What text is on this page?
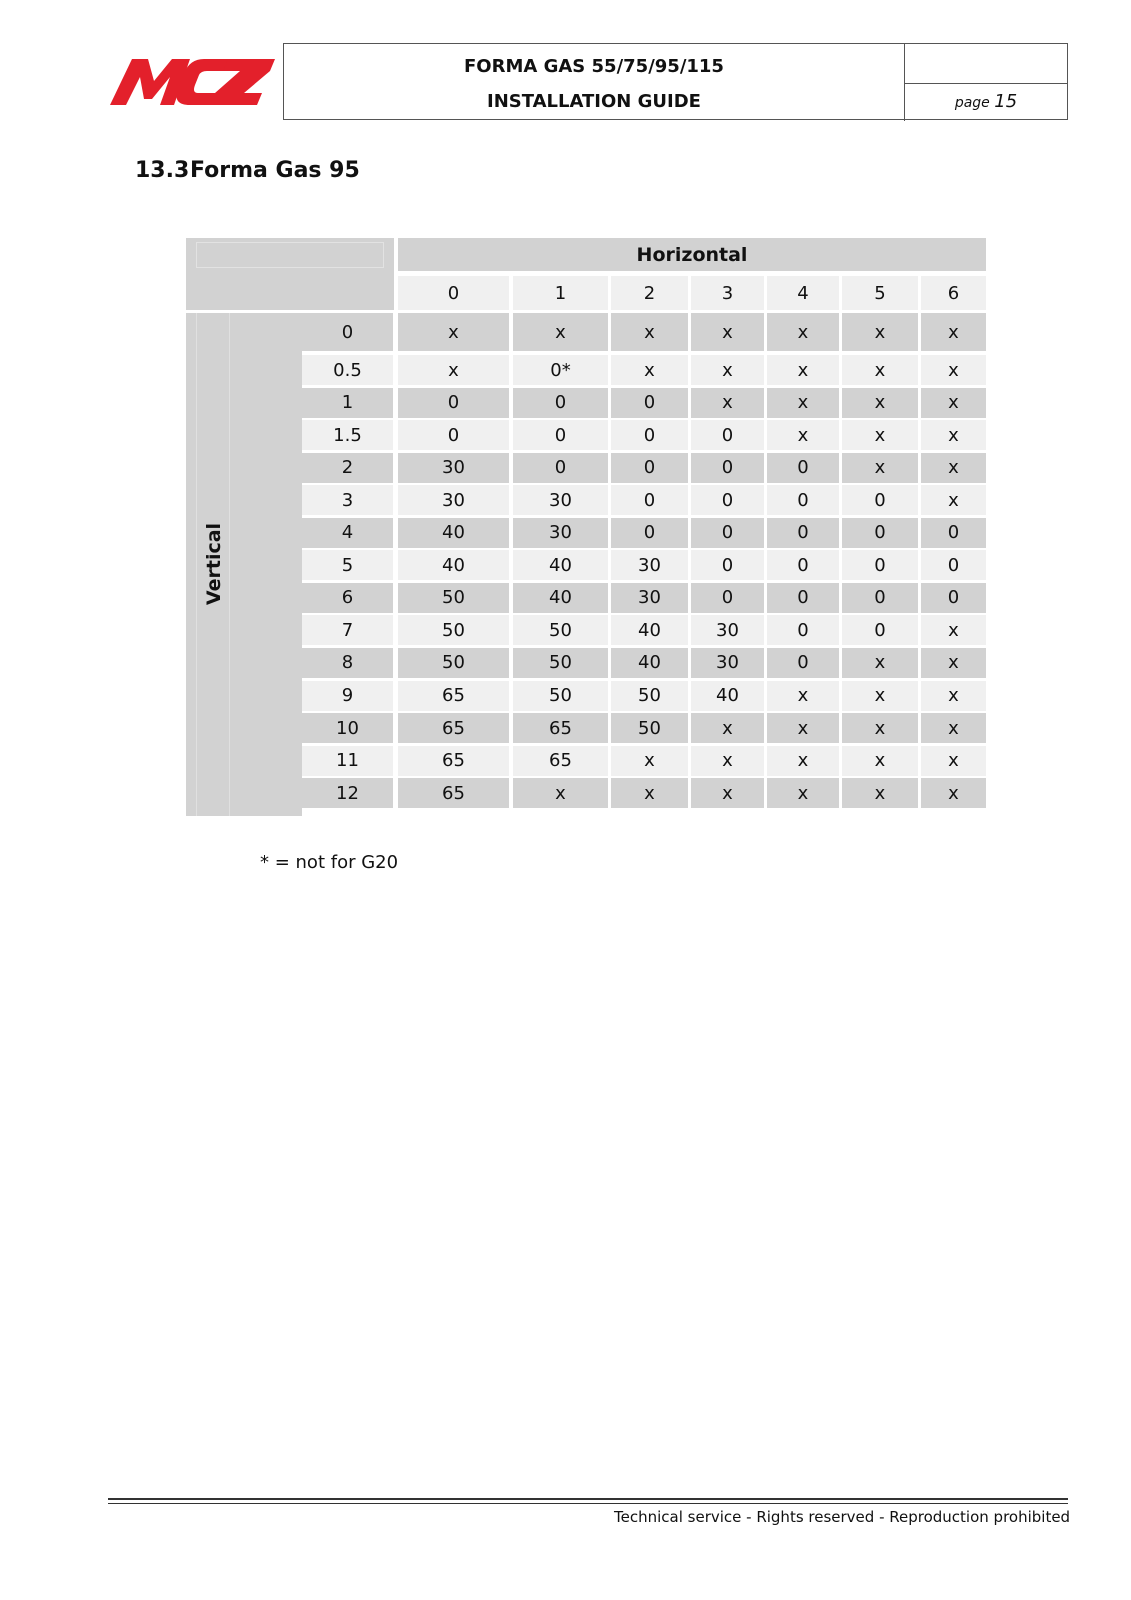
FORMA GAS 55/75/95/115
INSTALLATION GUIDE	page 15
13.3Forma Gas 95
Horizontal
Vertical
0	1	2	3	4	5	6
0	x	x	x	x	x	x	x
0.5	x	0*	x	x	x	x	x
1	0	0	0	x	x	x	x
1.5	0	0	0	0	x	x	x
2	30	0	0	0	0	x	x
3	30	30	0	0	0	0	x
4	40	30	0	0	0	0	0
5	40	40	30	0	0	0	0
6	50	40	30	0	0	0	0
7	50	50	40	30	0	0	x
8	50	50	40	30	0	x	x
9	65	50	50	40	x	x	x
10	65	65	50	x	x	x	x
11	65	65	x	x	x	x	x
12	65	x	x	x	x	x	x
* = not for G20
Technical service - Rights reserved - Reproduction prohibited
